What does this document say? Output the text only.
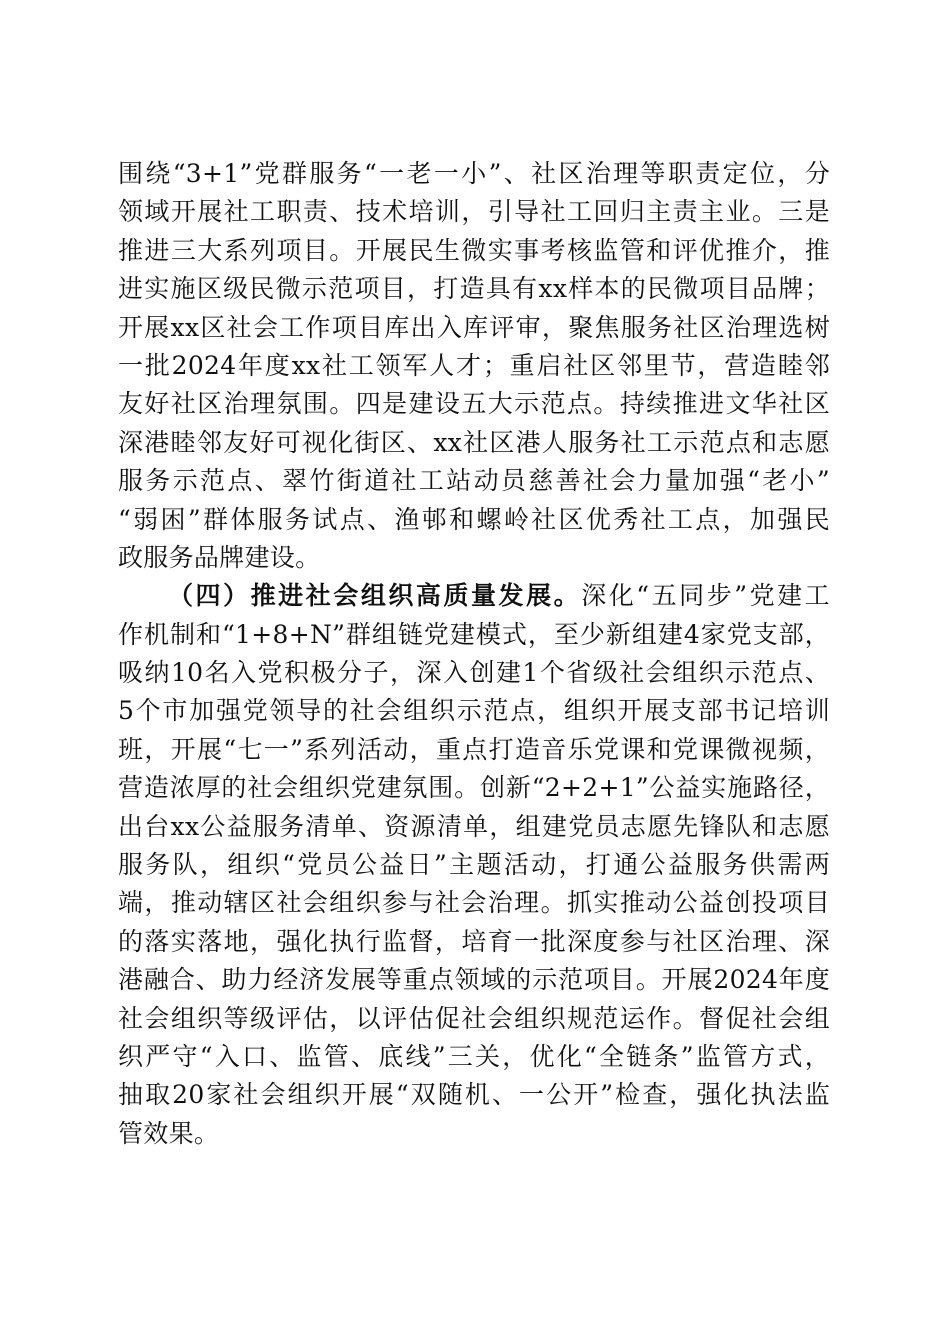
围绕“3+1”党群服务“一老一小”、社区治理等职责定位，分
领域开展社工职责、技术培训，引导社工回归主责主业。三是
推进三大系列项目。开展民生微实事考核监管和评优推介，推
进实施区级民微示范项目，打造具有xx样本的民微项目品牌；
开展xx区社会工作项目库出入库评审，聚焦服务社区治理选树
一批2024年度xx社工领军人才；重启社区邻里节，营造睦邻
友好社区治理氛围。四是建设五大示范点。持续推进文华社区
深港睦邻友好可视化街区、xx社区港人服务社工示范点和志愿
服务示范点、翠竹街道社工站动员慈善社会力量加强“老小”
“弱困”群体服务试点、渔邨和螺岭社区优秀社工点，加强民
政服务品牌建设。
（四）推进社会组织高质量发展。深化“五同步”党建工
作机制和“1+8+N”群组链党建模式，至少新组建4家党支部，
吸纳10名入党积极分子，深入创建1个省级社会组织示范点、
5个市加强党领导的社会组织示范点，组织开展支部书记培训
班，开展“七一”系列活动，重点打造音乐党课和党课微视频，
营造浓厚的社会组织党建氛围。创新“2+2+1”公益实施路径，
出台xx公益服务清单、资源清单，组建党员志愿先锋队和志愿
服务队，组织“党员公益日”主题活动，打通公益服务供需两
端，推动辖区社会组织参与社会治理。抓实推动公益创投项目
的落实落地，强化执行监督，培育一批深度参与社区治理、深
港融合、助力经济发展等重点领域的示范项目。开展2024年度
社会组织等级评估，以评估促社会组织规范运作。督促社会组
织严守“入口、监管、底线”三关，优化“全链条”监管方式，
抽取20家社会组织开展“双随机、一公开”检查，强化执法监
管效果。
